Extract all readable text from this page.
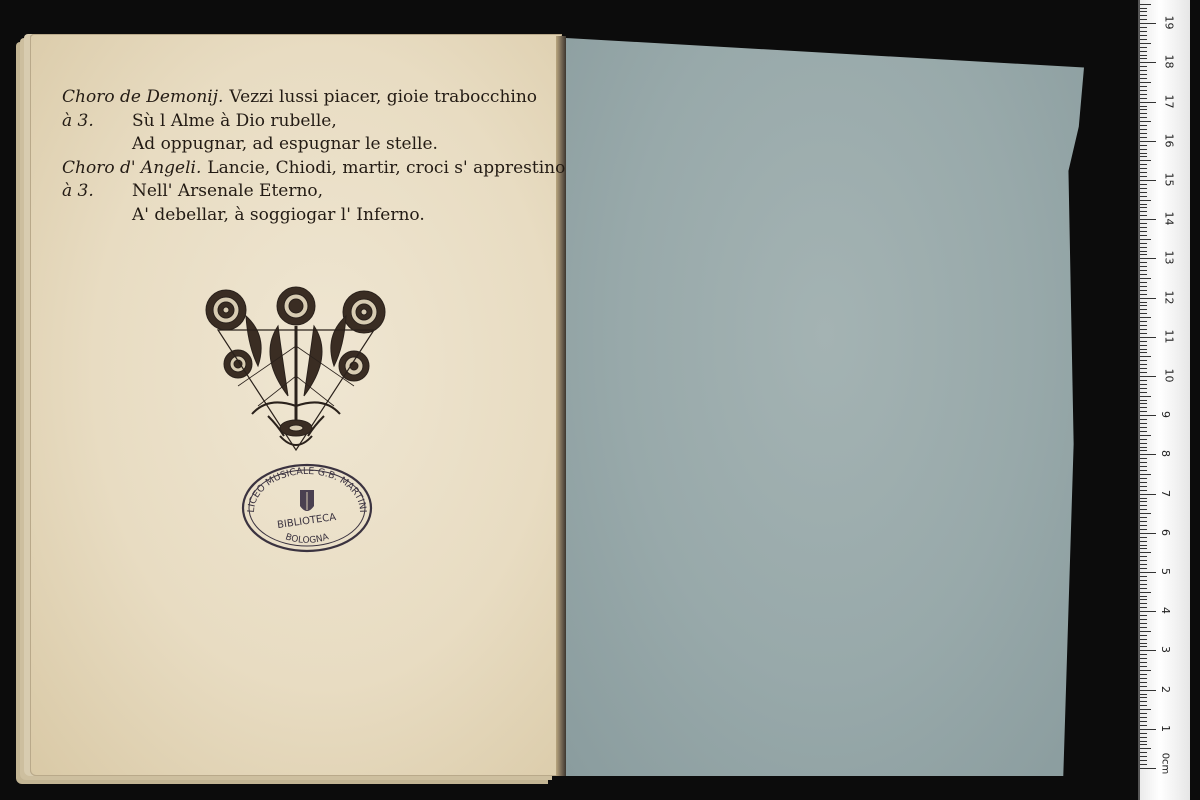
Choro de Demonij. Vezzi lussi piacer, gioie trabocchino
à 3.	Sù l Alme à Dio rubelle,
Ad oppugnar, ad espugnar le stelle.
Choro d' Angeli. Lancie, Chiodi, martir, croci s' apprestino
à 3.	Nell' Arsenale Eterno,
A' debellar, à soggiogar l' Inferno.
LICEO MUSICALE G.B. MARTINI
BIBLIOTECA
BOLOGNA
1
2
3
4
5
6
7
8
9
10
11
12
13
14
15
16
17
18
19
0cm
